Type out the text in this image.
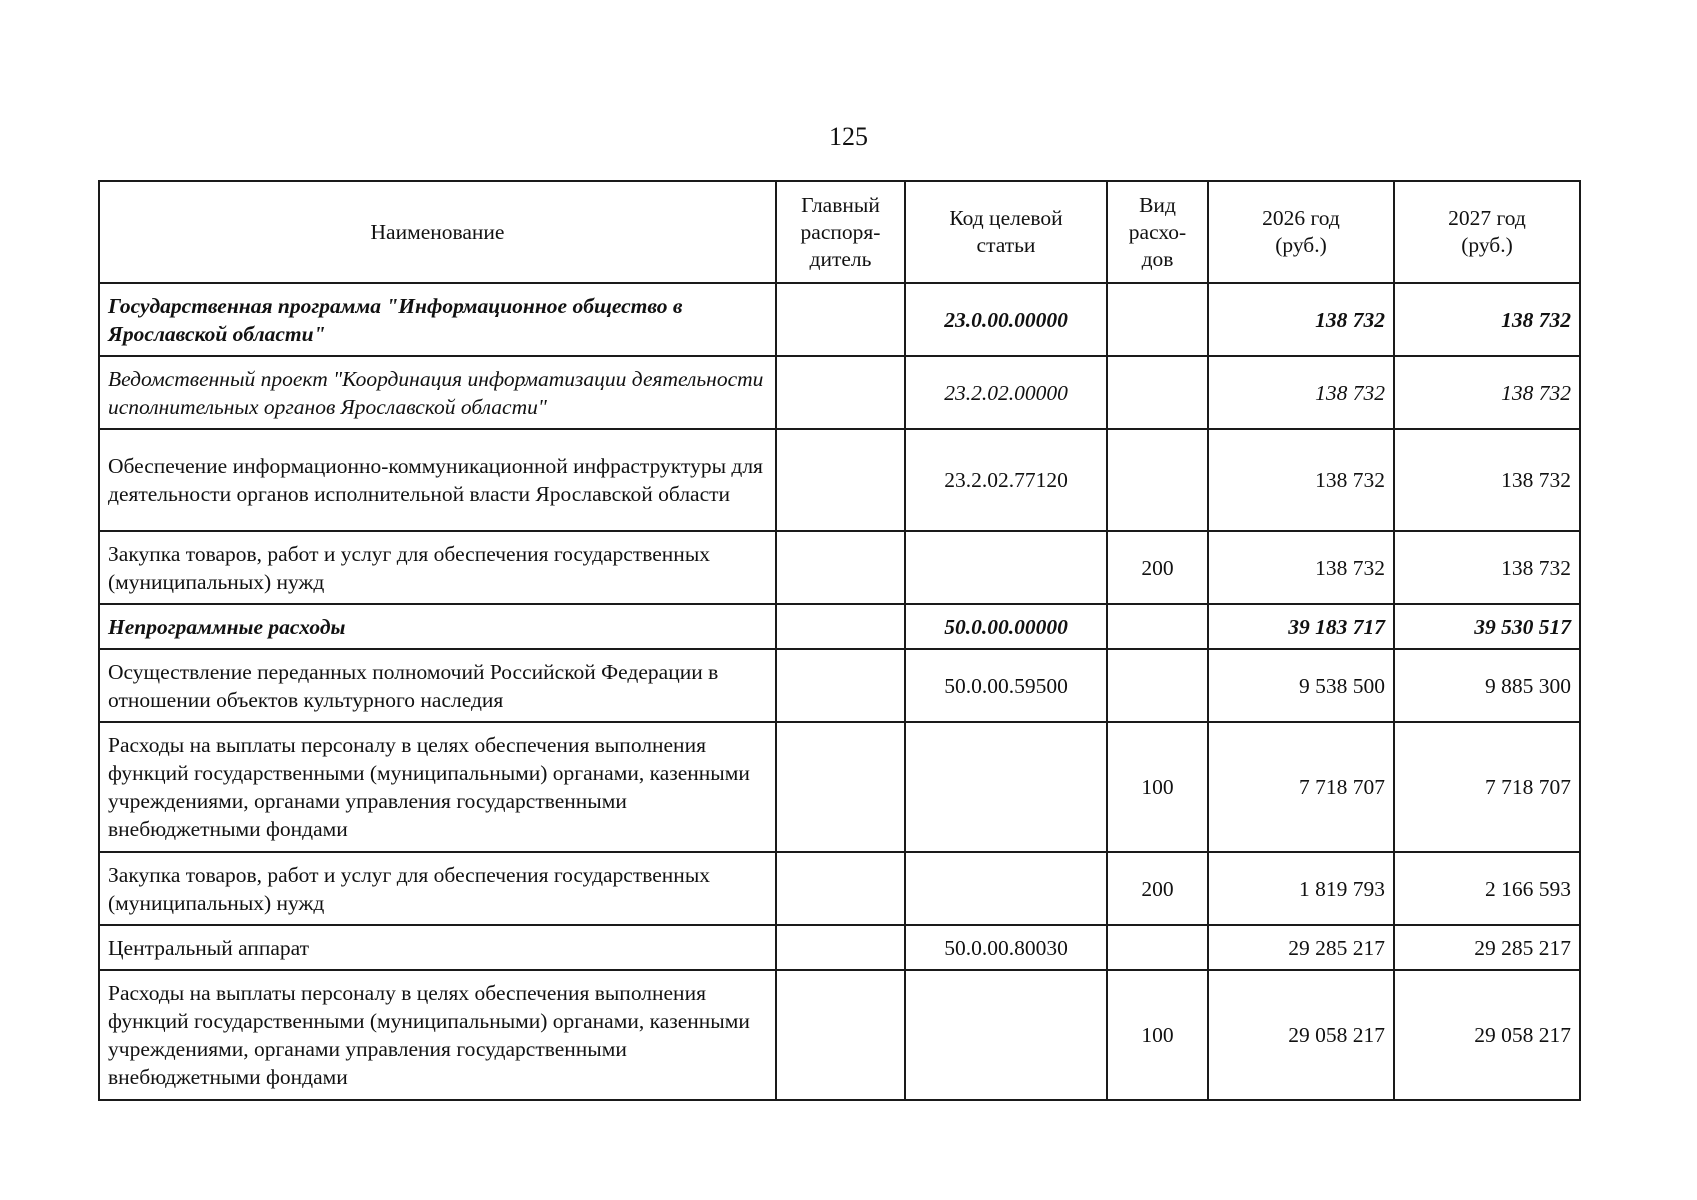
125
Наименование	Главный
распоря-
дитель	Код целевой
статьи	Вид
расхо-
дов	2026 год
(руб.)	2027 год
(руб.)
Государственная программа "Информационное общество в Ярославской области"		23.0.00.00000		138 732	138 732
Ведомственный проект "Координация информатизации деятельности исполнительных органов Ярославской области"		23.2.02.00000		138 732	138 732
Обеспечение информационно-коммуникационной инфраструктуры для деятельности органов исполнительной власти Ярославской области		23.2.02.77120		138 732	138 732
Закупка товаров, работ и услуг для обеспечения государственных (муниципальных) нужд			200	138 732	138 732
Непрограммные расходы		50.0.00.00000		39 183 717	39 530 517
Осуществление переданных полномочий Российской Федерации в отношении объектов культурного наследия		50.0.00.59500		9 538 500	9 885 300
Расходы на выплаты персоналу в целях обеспечения выполнения функций государственными (муниципальными) органами, казенными учреждениями, органами управления государственными внебюджетными фондами			100	7 718 707	7 718 707
Закупка товаров, работ и услуг для обеспечения государственных (муниципальных) нужд			200	1 819 793	2 166 593
Центральный аппарат		50.0.00.80030		29 285 217	29 285 217
Расходы на выплаты персоналу в целях обеспечения выполнения функций государственными (муниципальными) органами, казенными учреждениями, органами управления государственными внебюджетными фондами			100	29 058 217	29 058 217
